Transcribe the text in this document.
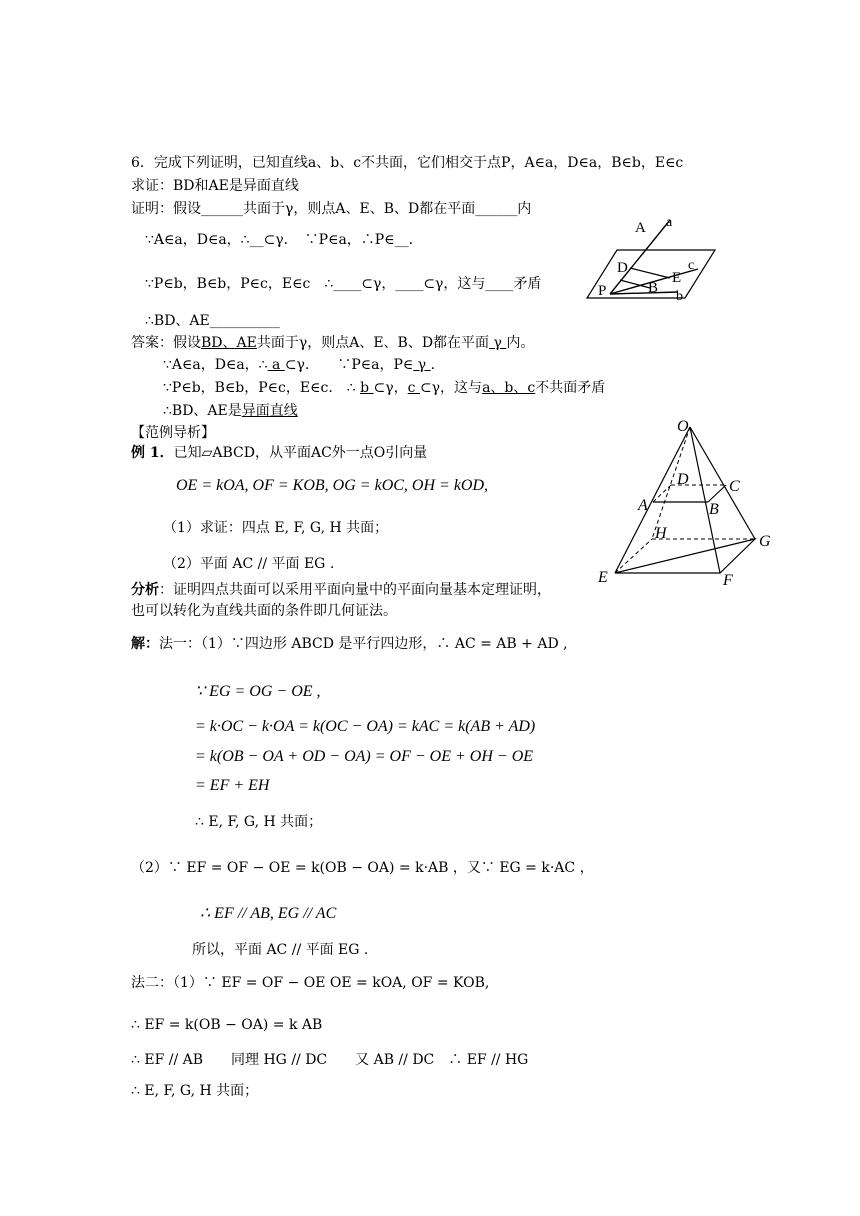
6．完成下列证明，已知直线a、b、c不共面，它们相交于点P，A∈a，D∈a，B∈b，E∈c
求证：BD和AE是异面直线
证明：假设______共面于γ，则点A、E、B、D都在平面______内
∵A∈a，D∈a，∴__⊂γ．　∵P∈a，∴P∈__．
∵P∈b，B∈b，P∈c，E∈c　∴____⊂γ，____⊂γ，这与____矛盾
∴BD、AE__________
答案：假设BD、AE共面于γ，则点A、E、B、D都在平面 γ 内。
∵A∈a，D∈a，∴ a ⊂γ.　　∵P∈a，P∈ γ .
∵P∈b，B∈b，P∈c，E∈c.　∴ b ⊂γ，c ⊂γ，这与a、b、c不共面矛盾
∴BD、AE是异面直线
A a
c
D
E
P	B
b
【范例导析】
例 1．已知▱ABCD，从平面AC外一点O引向量
OE = kOA, OF = KOB, OG = kOC, OH = kOD,
（1）求证：四点 E, F, G, H 共面；
（2）平面 AC // 平面 EG .
分析：证明四点共面可以采用平面向量中的平面向量基本定理证明，
也可以转化为直线共面的条件即几何证法。
O
D	C
A	B
H	G
E	F
解：法一：（1）∵四边形 ABCD 是平行四边形，∴ AC = AB + AD ,
∵ EG = OG − OE ,
= k·OC − k·OA = k(OC − OA) = kAC = k(AB + AD)
= k(OB − OA + OD − OA) = OF − OE + OH − OE
= EF + EH
∴ E, F, G, H 共面；
（2）∵ EF = OF − OE = k(OB − OA) = k·AB ，又∵ EG = k·AC ，
∴ EF // AB, EG // AC
所以，平面 AC // 平面 EG .
法二：（1）∵ EF = OF − OE OE = kOA, OF = KOB,
∴ EF = k(OB − OA) = k AB
∴ EF // AB　　同理 HG // DC　　又 AB // DC　∴ EF // HG
∴ E, F, G, H 共面；
